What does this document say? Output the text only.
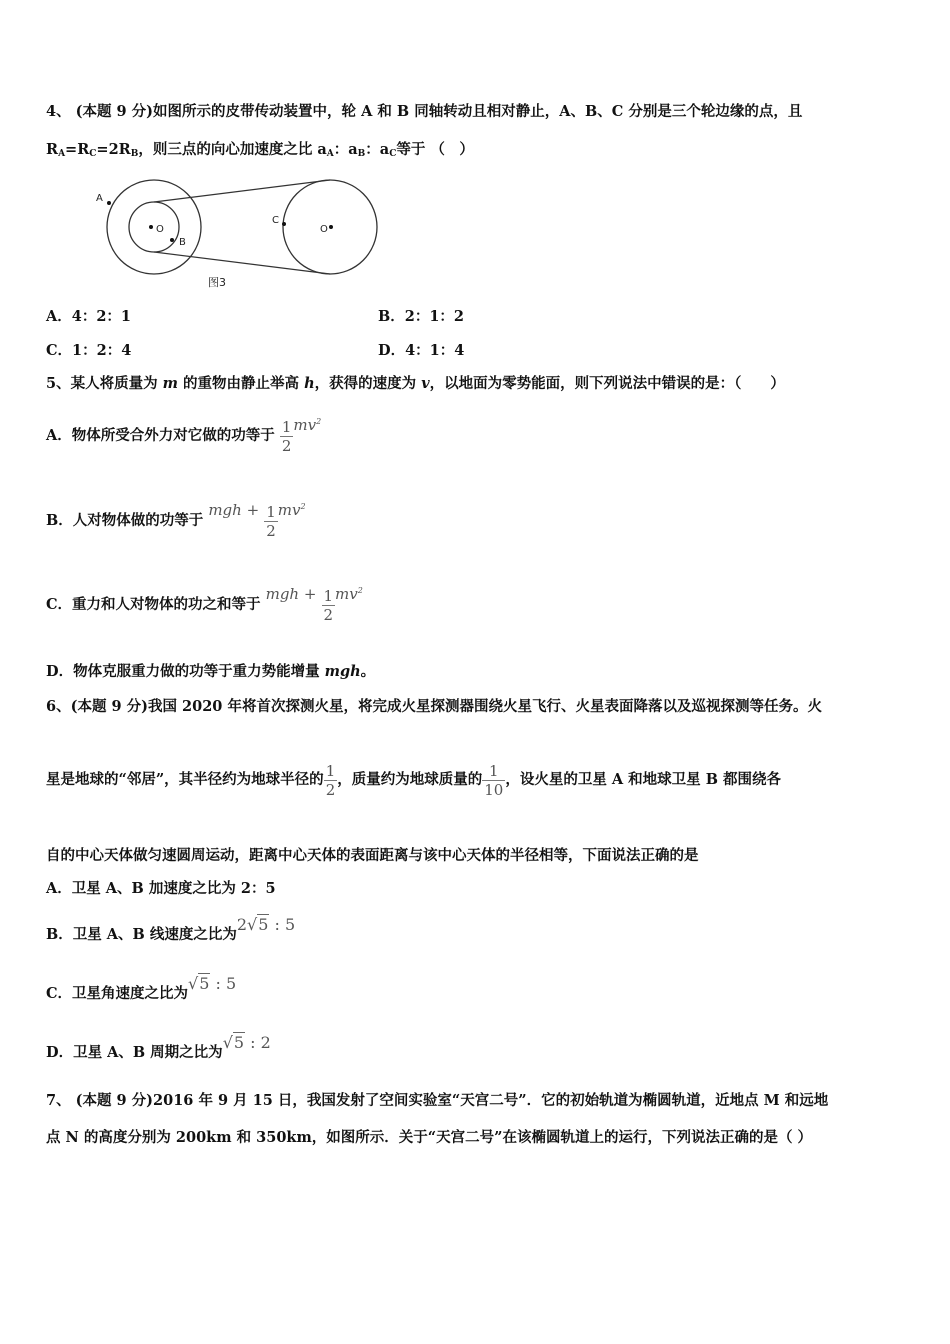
4、 (本题 9 分)如图所示的皮带传动装置中，轮 A 和 B 同轴转动且相对静止，A、B、C 分别是三个轮边缘的点，且
$R_A=R_C=2R_B$，则三点的向心加速度之比 $a_A$：$a_B$：$a_C$等于 （　）
A
B
C
O	O
图3
A．4：2：1	B．2：1：2
C．1：2：4	D．4：1：4
5、某人将质量为 m 的重物由静止举高 h，获得的速度为 v，以地面为零势能面，则下列说法中错误的是：（　　）
A．物体所受合外力对它做的功等于 $\frac{1}{2} mv^2$
B．人对物体做的功等于 mgh + $\frac{1}{2} mv^2$
C．重力和人对物体的功之和等于 mgh + $\frac{1}{2} mv^2$
D．物体克服重力做的功等于重力势能增量 mgh。
6、(本题 9 分)我国 2020 年将首次探测火星，将完成火星探测器围绕火星飞行、火星表面降落以及巡视探测等任务。火
星是地球的“邻居”，其半径约为地球半径的 $\frac{1}{2}$ ，质量约为地球质量的 $\frac{1}{10}$ ，设火星的卫星 A 和地球卫星 B 都围绕各
自的中心天体做匀速圆周运动，距离中心天体的表面距离与该中心天体的半径相等，下面说法正确的是
A．卫星 A、B 加速度之比为 2：5
B．卫星 A、B 线速度之比为2√5 : 5
C．卫星角速度之比为√5 : 5
D．卫星 A、B 周期之比为√5 : 2
7、 (本题 9 分)2016 年 9 月 15 日，我国发射了空间实验室“天宫二号”．它的初始轨道为椭圆轨道，近地点 M 和远地
点 N 的高度分别为 200km 和 350km，如图所示．关于“天宫二号”在该椭圆轨道上的运行，下列说法正确的是（ ）
